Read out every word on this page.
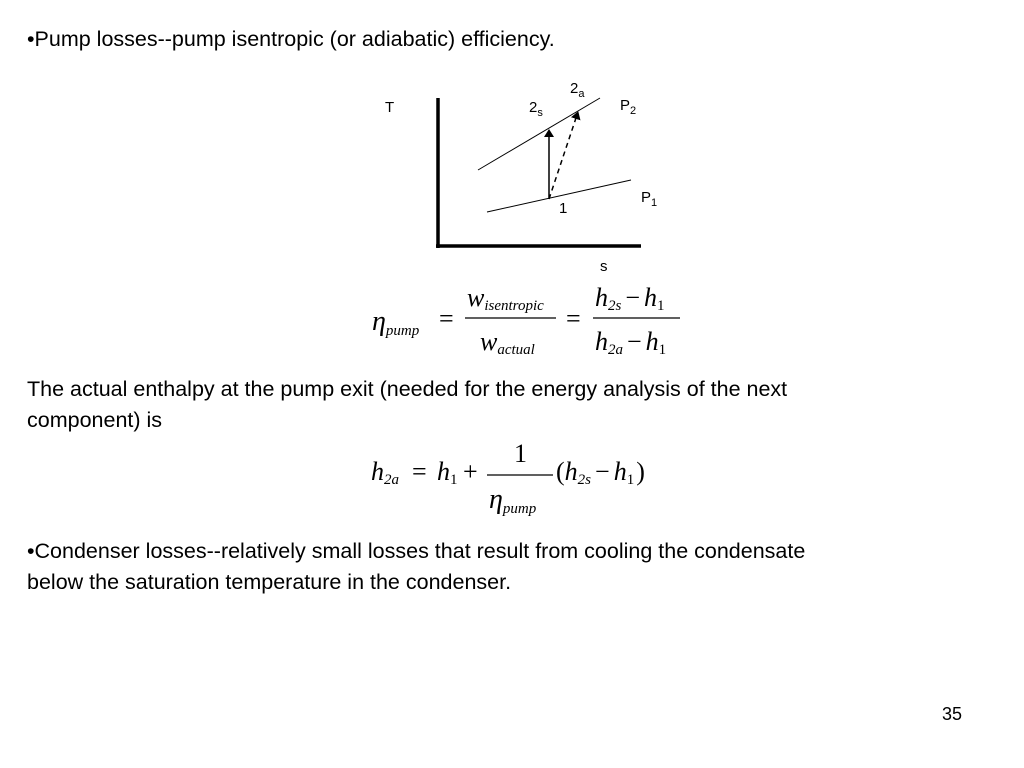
•Pump losses--pump isentropic (or adiabatic) efficiency.

T
s
$2_a$
$2_s$
1
$P_2$
$P_1$
ηpump =
wisentropic
wactual
=
h2s − h1
h2a − h1
h2a = h1 +
1
ηpump
(h2s − h1)

The actual enthalpy at the pump exit (needed for the energy analysis of the next
component) is

•Condenser losses--relatively small losses that result from cooling the condensate
below the saturation temperature in the condenser.

35
